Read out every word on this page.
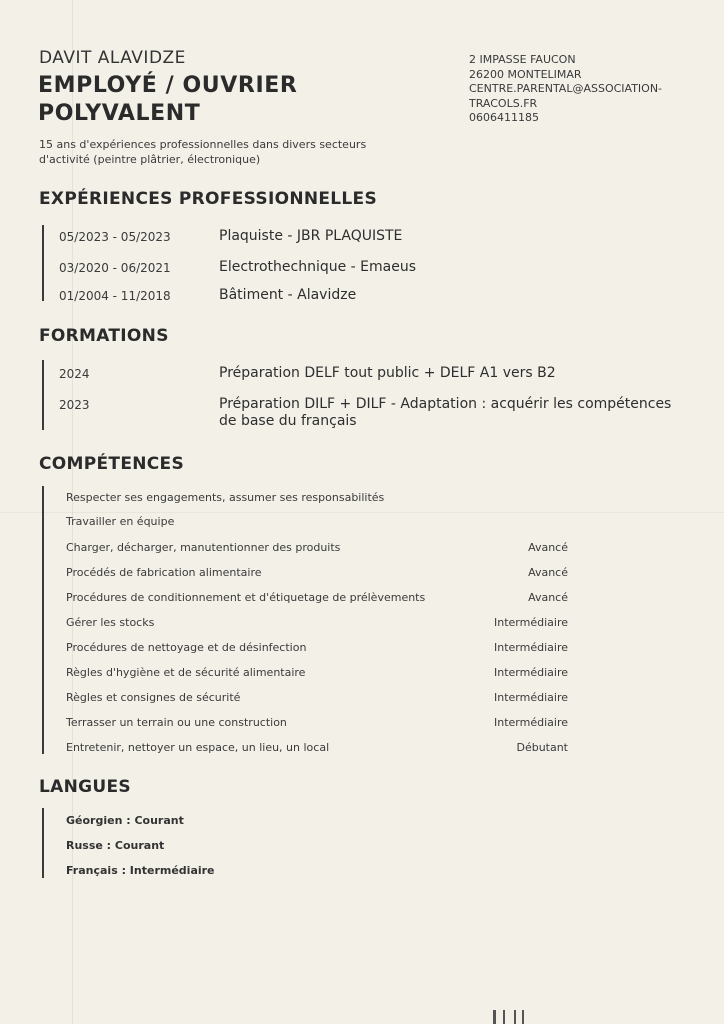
DAVIT ALAVIDZE
EMPLOYÉ / OUVRIER
POLYVALENT
15 ans d'expériences professionnelles dans divers secteurs d'activité (peintre plâtrier, électronique)
2 IMPASSE FAUCON
26200 MONTELIMAR
CENTRE.PARENTAL@ASSOCIATION-
TRACOLS.FR
0606411185
EXPÉRIENCES PROFESSIONNELLES
05/2023 - 05/2023	Plaquiste - JBR PLAQUISTE
03/2020 - 06/2021	Electrothechnique - Emaeus
01/2004 - 11/2018	Bâtiment - Alavidze
FORMATIONS
2024	Préparation DELF tout public + DELF A1 vers B2
2023	Préparation DILF + DILF - Adaptation : acquérir les compétences de base du français
COMPÉTENCES
Respecter ses engagements, assumer ses responsabilités
Travailler en équipe
Charger, décharger, manutentionner des produits	Avancé
Procédés de fabrication alimentaire	Avancé
Procédures de conditionnement et d'étiquetage de prélèvements	Avancé
Gérer les stocks	Intermédiaire
Procédures de nettoyage et de désinfection	Intermédiaire
Règles d'hygiène et de sécurité alimentaire	Intermédiaire
Règles et consignes de sécurité	Intermédiaire
Terrasser un terrain ou une construction	Intermédiaire
Entretenir, nettoyer un espace, un lieu, un local	Débutant
LANGUES
Géorgien : Courant
Russe : Courant
Français : Intermédiaire
